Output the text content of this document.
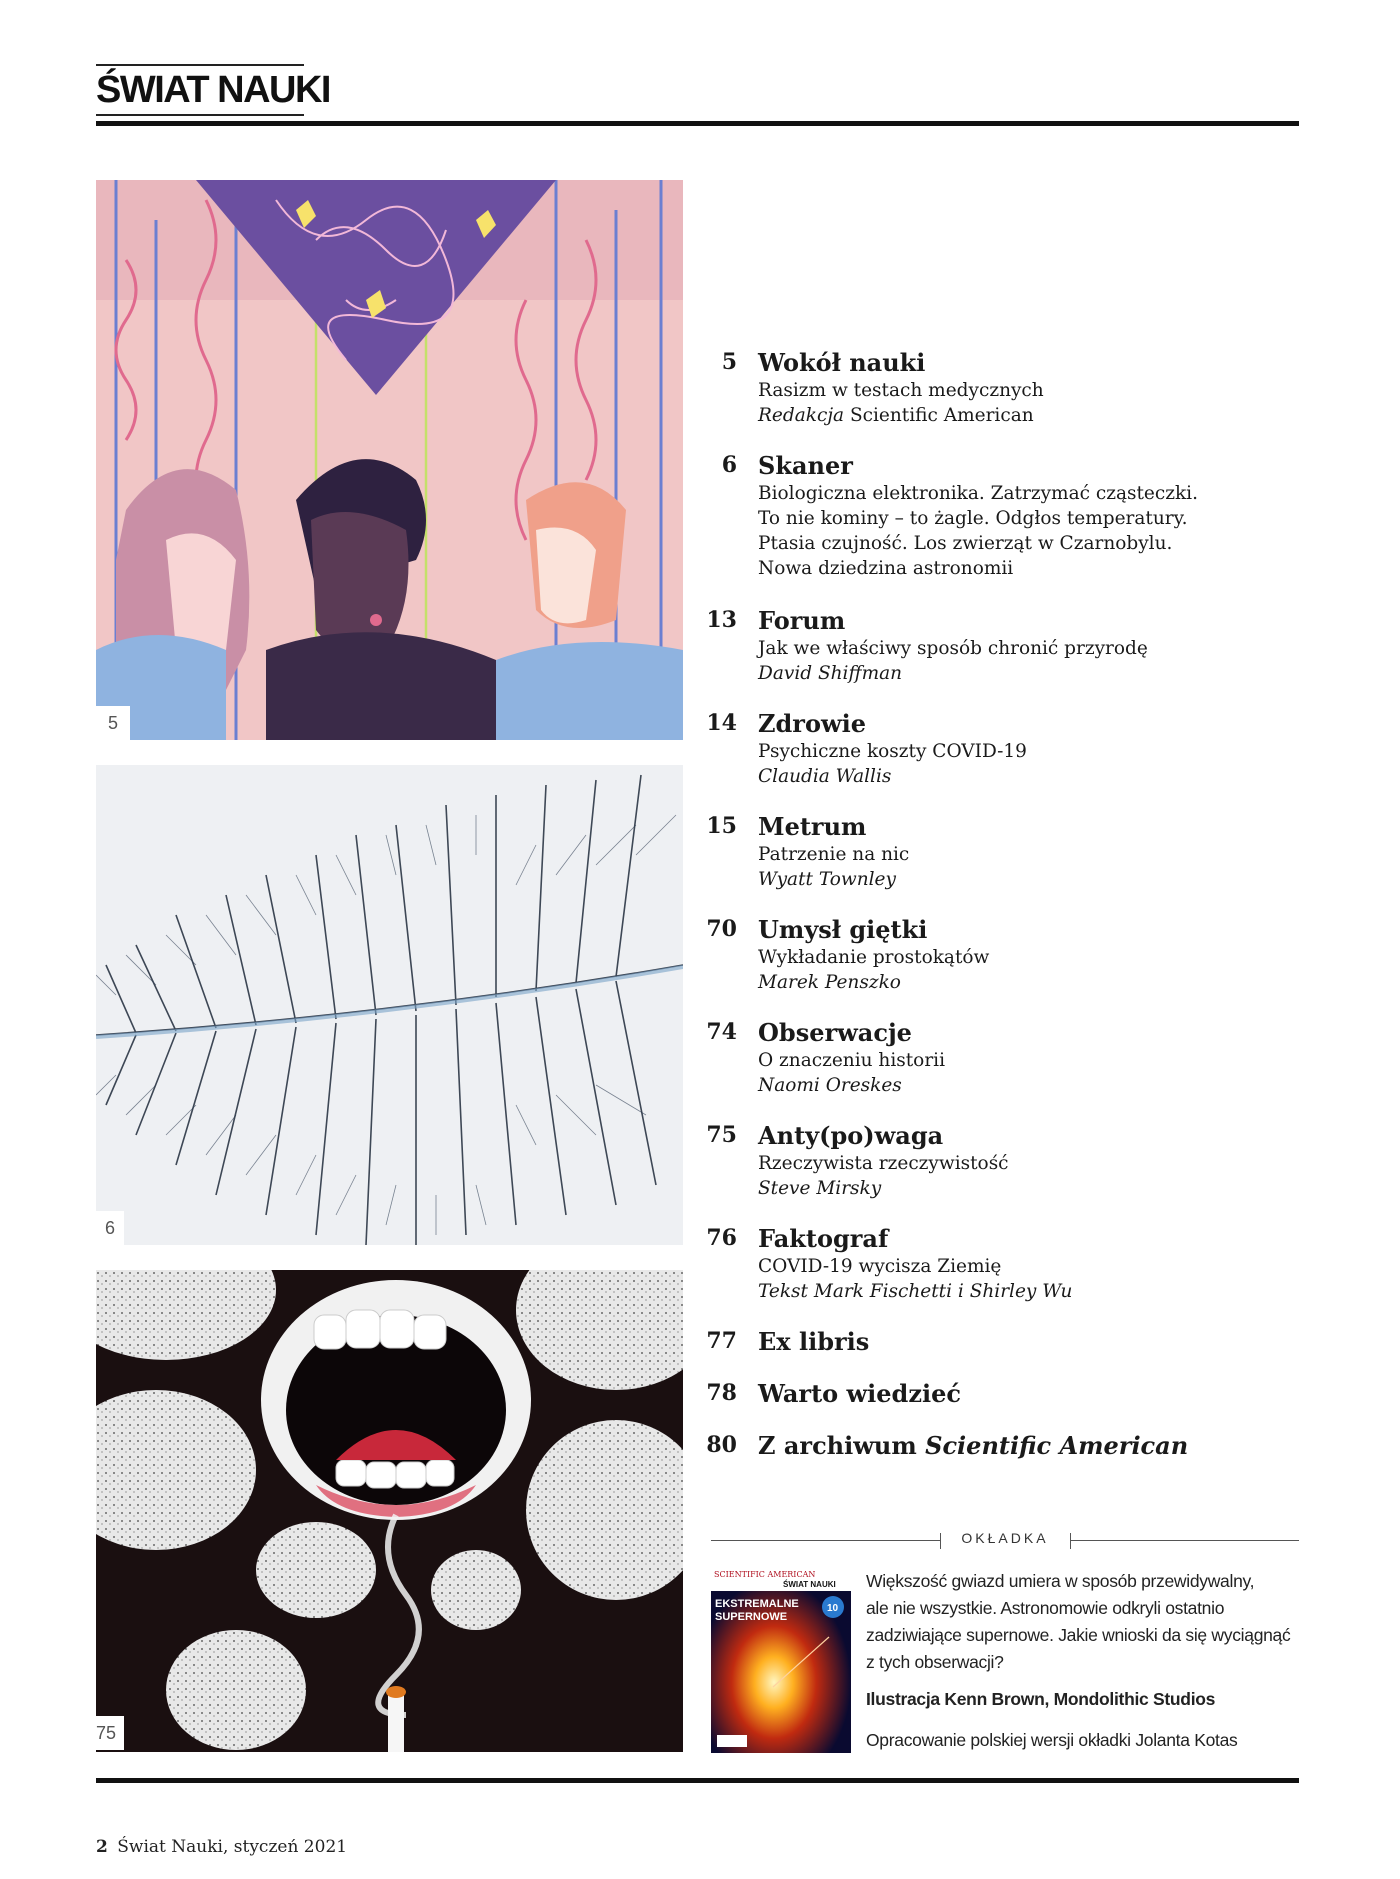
ŚWIAT NAUKI
5
6
75
5 Wokół nauki
Rasizm w testach medycznych
Redakcja Scientific American
6 Skaner
Biologiczna elektronika. Zatrzymać cząsteczki.
To nie kominy – to żagle. Odgłos temperatury.
Ptasia czujność. Los zwierząt w Czarnobylu.
Nowa dziedzina astronomii
13 Forum
Jak we właściwy sposób chronić przyrodę
David Shiffman
14 Zdrowie
Psychiczne koszty COVID-19
Claudia Wallis
15 Metrum
Patrzenie na nic
Wyatt Townley
70 Umysł giętki
Wykładanie prostokątów
Marek Penszko
74 Obserwacje
O znaczeniu historii
Naomi Oreskes
75 Anty(po)waga
Rzeczywista rzeczywistość
Steve Mirsky
76 Faktograf
COVID-19 wycisza Ziemię
Tekst Mark Fischetti i Shirley Wu
77 Ex libris
78 Warto wiedzieć
80 Z archiwum Scientific American
OKŁADKA
SCIENTIFIC AMERICAN
ŚWIAT NAUKI
EKSTREMALNE
SUPERNOWE
10
Większość gwiazd umiera w sposób przewidywalny,
ale nie wszystkie. Astronomowie odkryli ostatnio
zadziwiające supernowe. Jakie wnioski da się wyciągnąć
z tych obserwacji?
Ilustracja Kenn Brown, Mondolithic Studios
Opracowanie polskiej wersji okładki Jolanta Kotas
2 Świat Nauki, styczeń 2021
